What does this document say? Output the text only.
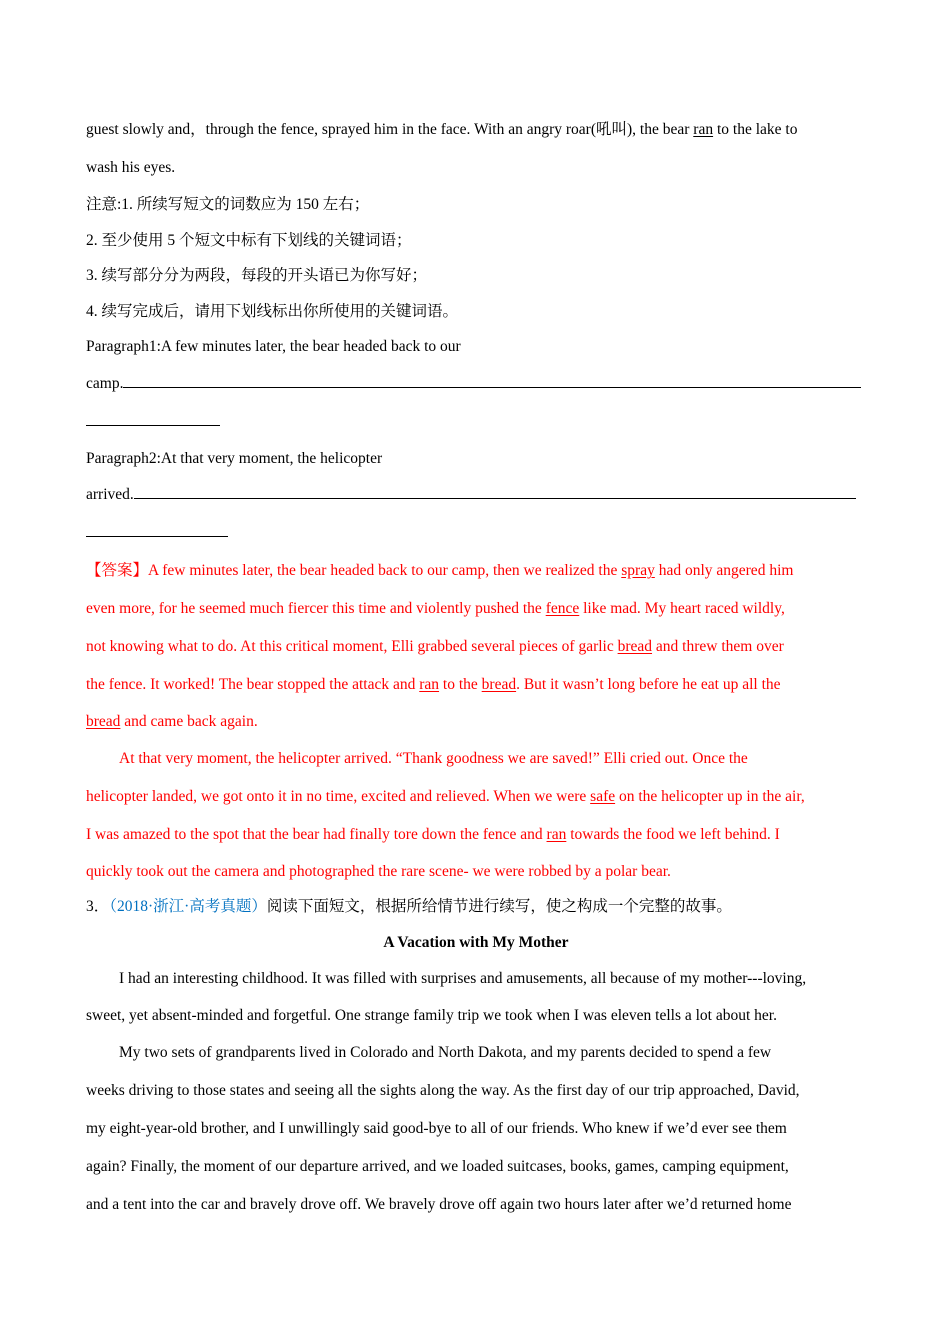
guest slowly and，through the fence, sprayed him in the face. With an angry roar(吼叫), the bear ran to the lake to

wash his eyes.

注意:1. 所续写短文的词数应为 150 左右；

2. 至少使用 5 个短文中标有下划线的关键词语；

3. 续写部分分为两段，每段的开头语已为你写好；

4. 续写完成后，请用下划线标出你所使用的关键词语。

Paragraph1:A few minutes later, the bear headed back to our

camp.

Paragraph2:At that very moment, the helicopter

arrived.

【答案】A few minutes later, the bear headed back to our camp, then we realized the spray had only angered him

even more, for he seemed much fiercer this time and violently pushed the fence like mad. My heart raced wildly,

not knowing what to do. At this critical moment, Elli grabbed several pieces of garlic bread and threw them over

the fence. It worked! The bear stopped the attack and ran to the bread. But it wasn’t long before he eat up all the

bread and came back again.

At that very moment, the helicopter arrived. “Thank goodness we are saved!” Elli cried out. Once the

helicopter landed, we got onto it in no time, excited and relieved. When we were safe on the helicopter up in the air,

I was amazed to the spot that the bear had finally tore down the fence and ran towards the food we left behind. I

quickly took out the camera and photographed the rare scene- we were robbed by a polar bear.

3．（2018·浙江·高考真题）阅读下面短文，根据所给情节进行续写，使之构成一个完整的故事。

A Vacation with My Mother

I had an interesting childhood. It was filled with surprises and amusements, all because of my mother---loving,

sweet, yet absent-minded and forgetful. One strange family trip we took when I was eleven tells a lot about her.

My two sets of grandparents lived in Colorado and North Dakota, and my parents decided to spend a few

weeks driving to those states and seeing all the sights along the way. As the first day of our trip approached, David,

my eight-year-old brother, and I unwillingly said good-bye to all of our friends. Who knew if we’d ever see them

again? Finally, the moment of our departure arrived, and we loaded suitcases, books, games, camping equipment,

and a tent into the car and bravely drove off. We bravely drove off again two hours later after we’d returned home
